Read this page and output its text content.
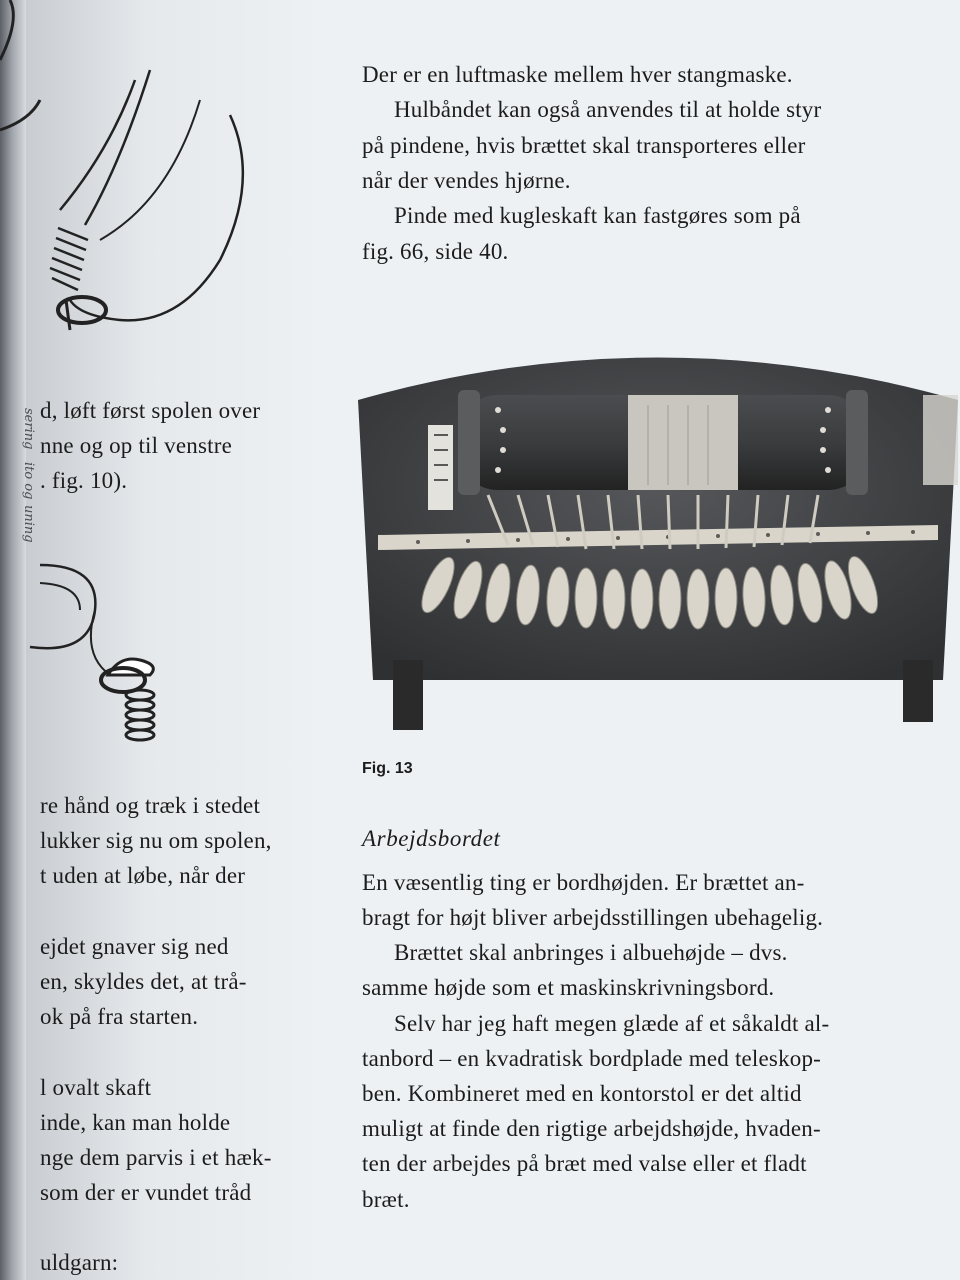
sering
ito og
uning
d, løft først spolen over
nne og op til venstre
. fig. 10).
re hånd og træk i stedet
lukker sig nu om spolen,
t uden at løbe, når der
ejdet gnaver sig ned
en, skyldes det, at trå-
ok på fra starten.
l ovalt skaft
inde, kan man holde
nge dem parvis i et hæk-
som der er vundet tråd
uldgarn:
Der er en luftmaske mellem hver stangmaske.
Hulbåndet kan også anvendes til at holde styr
på pindene, hvis brættet skal transporteres eller
når der vendes hjørne.
Pinde med kugleskaft kan fastgøres som på
fig. 66, side 40.
Fig. 13
Arbejdsbordet
En væsentlig ting er bordhøjden. Er brættet an-
bragt for højt bliver arbejdsstillingen ubehagelig.
Brættet skal anbringes i albuehøjde – dvs.
samme højde som et maskinskrivningsbord.
Selv har jeg haft megen glæde af et såkaldt al-
tanbord – en kvadratisk bordplade med teleskop-
ben. Kombineret med en kontorstol er det altid
muligt at finde den rigtige arbejdshøjde, hvaden-
ten der arbejdes på bræt med valse eller et fladt
bræt.
